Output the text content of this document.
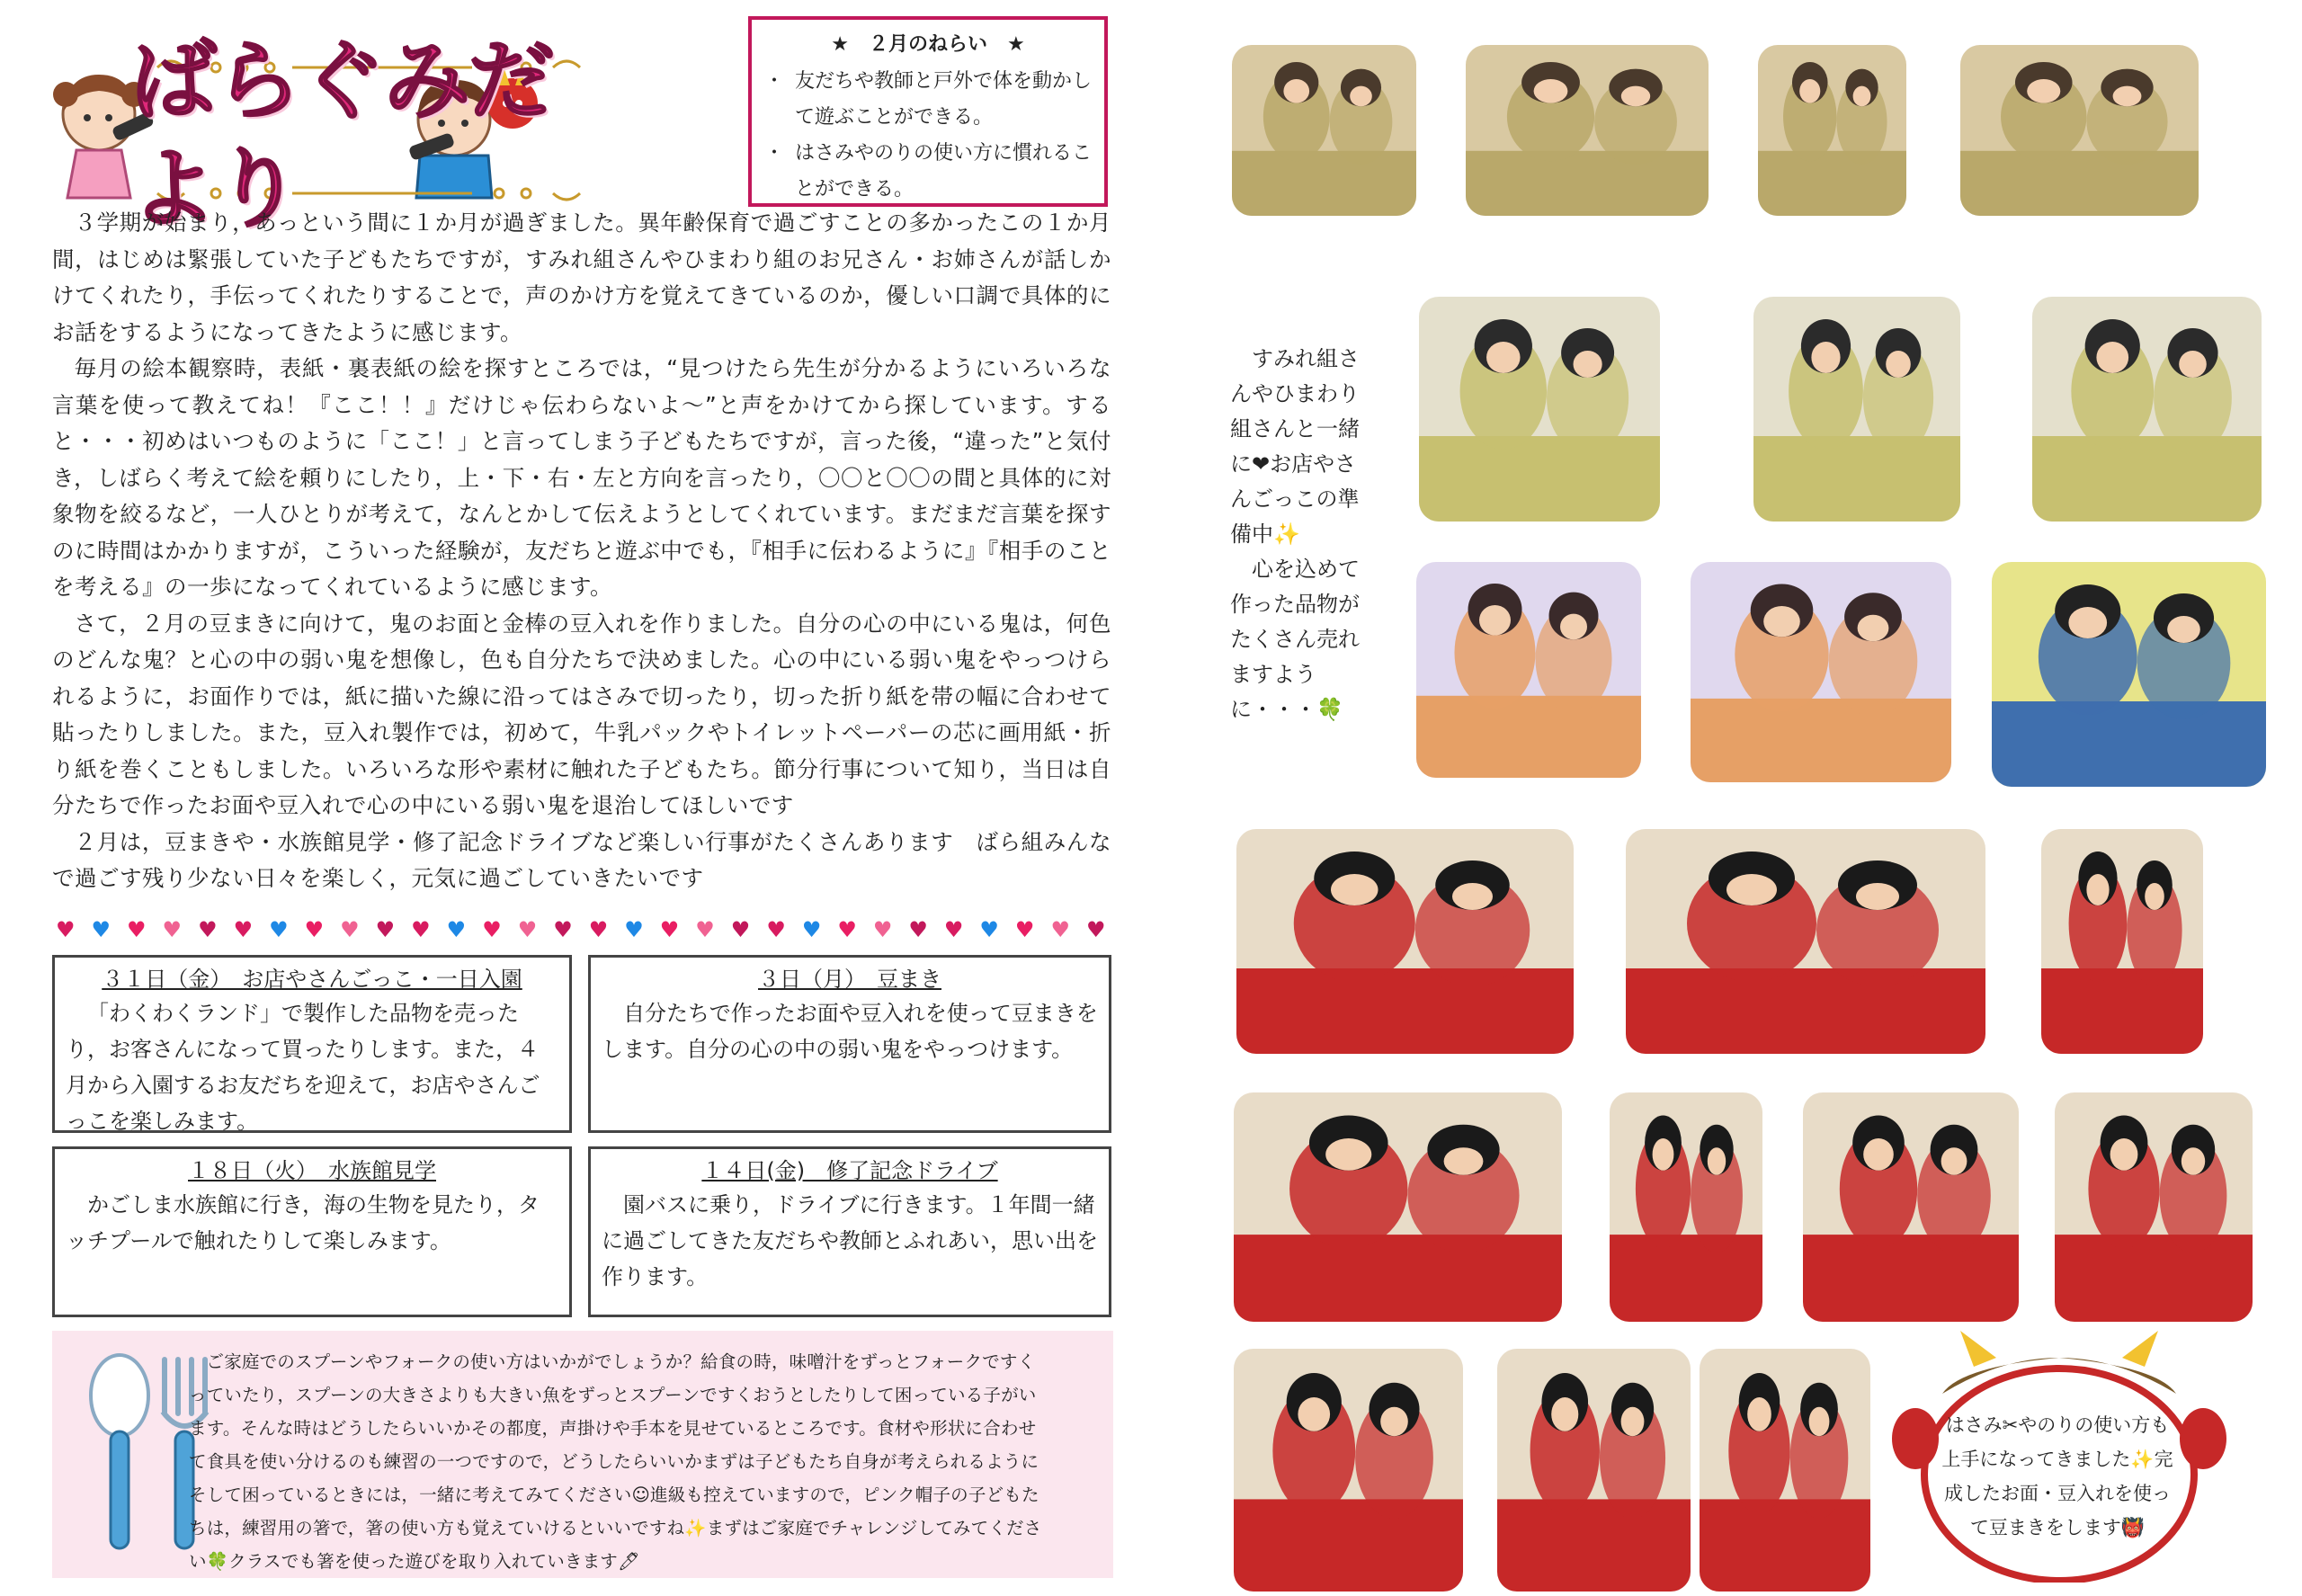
ばらぐみだより
★　２月のねらい　★
・ 友だちや教師と戸外で体を動かして遊ぶことができる。
・ はさみやのりの使い方に慣れることができる。

３学期が始まり，あっという間に１か月が過ぎました。異年齢保育で過ごすことの多かったこの１か月間，はじめは緊張していた子どもたちですが，すみれ組さんやひまわり組のお兄さん・お姉さんが話しかけてくれたり，手伝ってくれたりすることで，声のかけ方を覚えてきているのか，優しい口調で具体的にお話をするようになってきたように感じます。

毎月の絵本観察時，表紙・裏表紙の絵を探すところでは，“見つけたら先生が分かるようにいろいろな言葉を使って教えてね！『ここ！！』だけじゃ伝わらないよ～”と声をかけてから探しています。すると・・・初めはいつものように「ここ！」と言ってしまう子どもたちですが，言った後，“違った”と気付き，しばらく考えて絵を頼りにしたり，上・下・右・左と方向を言ったり，〇〇と〇〇の間と具体的に対象物を絞るなど，一人ひとりが考えて，なんとかして伝えようとしてくれています。まだまだ言葉を探すのに時間はかかりますが，こういった経験が，友だちと遊ぶ中でも，『相手に伝わるように』『相手のことを考える』の一歩になってくれているように感じます。

さて，２月の豆まきに向けて，鬼のお面と金棒の豆入れを作りました。自分の心の中にいる鬼は，何色のどんな鬼？と心の中の弱い鬼を想像し，色も自分たちで決めました。心の中にいる弱い鬼をやっつけられるように，お面作りでは，紙に描いた線に沿ってはさみで切ったり，切った折り紙を帯の幅に合わせて貼ったりしました。また，豆入れ製作では，初めて，牛乳パックやトイレットペーパーの芯に画用紙・折り紙を巻くこともしました。いろいろな形や素材に触れた子どもたち。節分行事について知り，当日は自分たちで作ったお面や豆入れで心の中にいる弱い鬼を退治してほしいです

２月は，豆まきや・水族館見学・修了記念ドライブなど楽しい行事がたくさんあります　ばら組みんなで過ごす残り少ない日々を楽しく，元気に過ごしていきたいです

♥ ♥ ♥ ♥ ♥ ♥ ♥ ♥ ♥ ♥ ♥ ♥ ♥ ♥ ♥ ♥ ♥ ♥ ♥ ♥ ♥ ♥ ♥ ♥ ♥ ♥ ♥ ♥ ♥ ♥
３１日（金）　お店やさんごっこ・一日入園
「わくわくランド」で製作した品物を売ったり，お客さんになって買ったりします。また，４月から入園するお友だちを迎えて，お店やさんごっこを楽しみます。
３日（月）　豆まき
自分たちで作ったお面や豆入れを使って豆まきをします。自分の心の中の弱い鬼をやっつけます。
１８日（火）　水族館見学
かごしま水族館に行き，海の生物を見たり，タッチプールで触れたりして楽しみます。
１４日(金)　修了記念ドライブ
園バスに乗り，ドライブに行きます。１年間一緒に過ごしてきた友だちや教師とふれあい，思い出を作ります。
ご家庭でのスプーンやフォークの使い方はいかがでしょうか？給食の時，味噌汁をずっとフォークですくっていたり，スプーンの大きさよりも大きい魚をずっとスプーンですくおうとしたりして困っている子がいます。そんな時はどうしたらいいかその都度，声掛けや手本を見せているところです。食材や形状に合わせて食具を使い分けるのも練習の一つですので，どうしたらいいかまずは子どもたち自身が考えられるようにそして困っているときには，一緒に考えてみてください☺進級も控えていますので，ピンク帽子の子どもたちは，練習用の箸で，箸の使い方も覚えていけるといいですね✨まずはご家庭でチャレンジしてみてください🍀クラスでも箸を使った遊びを取り入れていきます🖊

すみれ組さんやひまわり組さんと一緒に❤お店やさんごっこの準備中✨

心を込めて作った品物がたくさん売れますように・・・🍀

はさみ✂やのりの使い方も上手になってきました✨完成したお面・豆入れを使って豆まきをします👹
